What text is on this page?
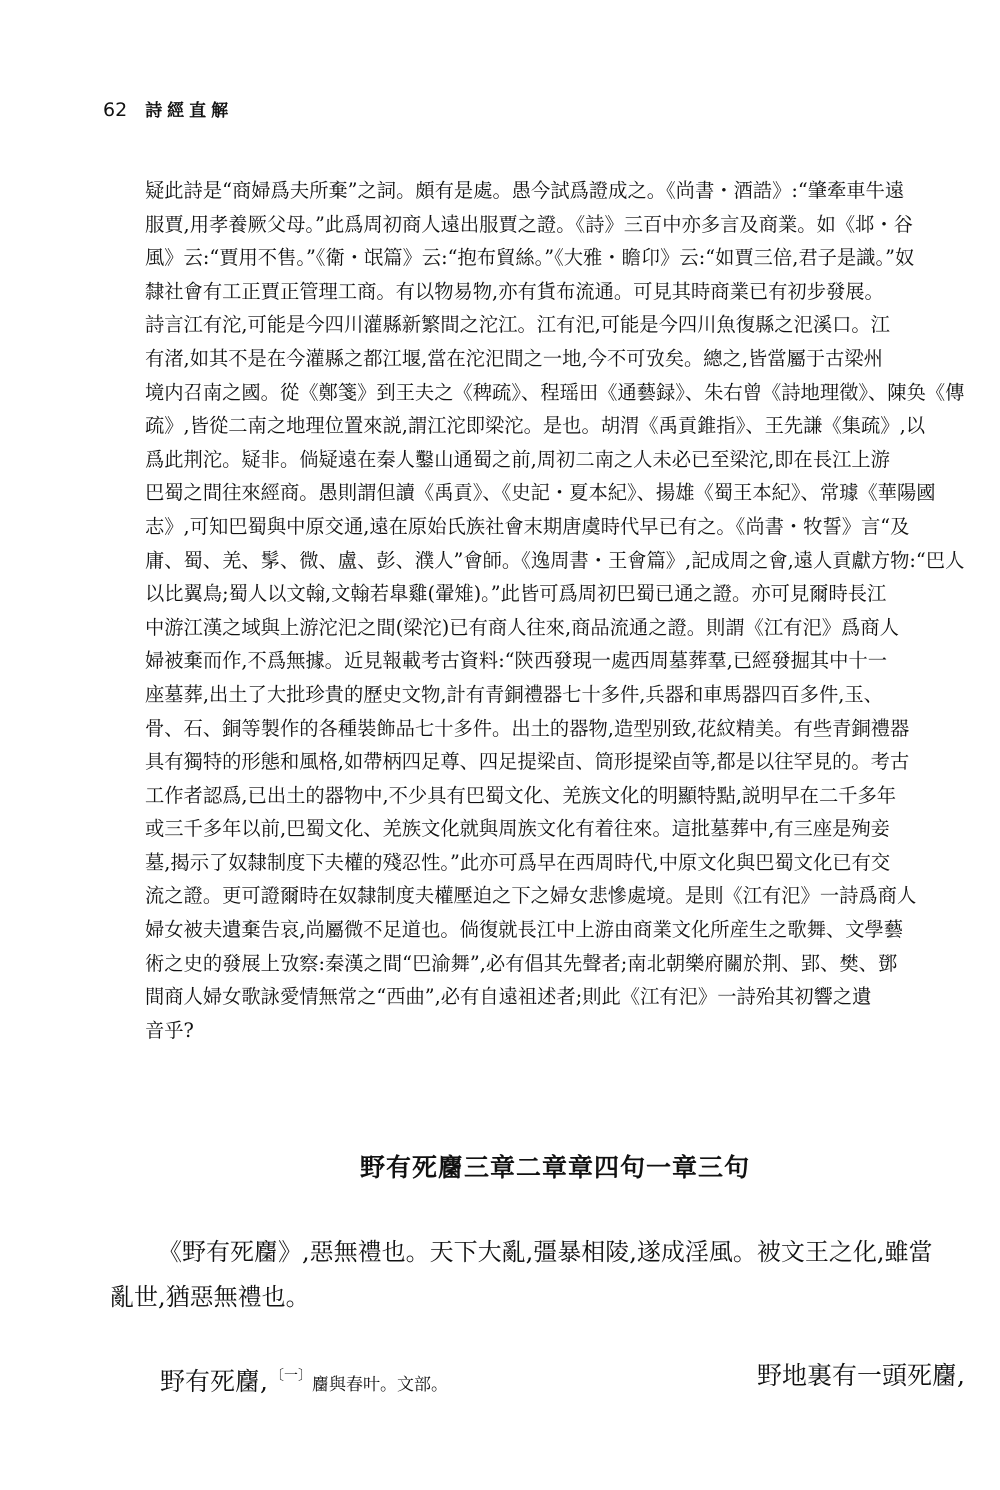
62 詩經直解
疑此詩是“商婦爲夫所棄”之詞。頗有是處。愚今試爲證成之。《尚書・酒誥》:“肇牽車牛遠
服賈,用孝養厥父母。”此爲周初商人遠出服賈之證。《詩》三百中亦多言及商業。如《邶・谷
風》云:“賈用不售。”《衛・氓篇》云:“抱布貿絲。”《大雅・瞻卬》云:“如賈三倍,君子是識。”奴
隸社會有工正賈正管理工商。有以物易物,亦有貨布流通。可見其時商業已有初步發展。
詩言江有沱,可能是今四川灌縣新繁間之沱江。江有汜,可能是今四川魚復縣之汜溪口。江
有渚,如其不是在今灌縣之都江堰,當在沱汜間之一地,今不可攷矣。總之,皆當屬于古梁州
境内召南之國。從《鄭箋》到王夫之《稗疏》、程瑶田《通藝録》、朱右曾《詩地理徵》、陳奂《傳
疏》,皆從二南之地理位置來説,謂江沱即梁沱。是也。胡渭《禹貢錐指》、王先謙《集疏》,以
爲此荆沱。疑非。倘疑遠在秦人鑿山通蜀之前,周初二南之人未必已至梁沱,即在長江上游
巴蜀之間往來經商。愚則謂但讀《禹貢》、《史記・夏本紀》、揚雄《蜀王本紀》、常璩《華陽國
志》,可知巴蜀與中原交通,遠在原始氏族社會末期唐虞時代早已有之。《尚書・牧誓》言“及
庸、蜀、羌、髳、微、盧、彭、濮人”會師。《逸周書・王會篇》,記成周之會,遠人貢獻方物:“巴人
以比翼鳥;蜀人以文翰,文翰若臯雞(翬雉)。”此皆可爲周初巴蜀已通之證。亦可見爾時長江
中游江漢之域與上游沱汜之間(梁沱)已有商人往來,商品流通之證。則謂《江有汜》爲商人
婦被棄而作,不爲無據。近見報載考古資料:“陝西發現一處西周墓葬羣,已經發掘其中十一
座墓葬,出土了大批珍貴的歷史文物,計有青銅禮器七十多件,兵器和車馬器四百多件,玉、
骨、石、銅等製作的各種裝飾品七十多件。出土的器物,造型别致,花紋精美。有些青銅禮器
具有獨特的形態和風格,如帶柄四足尊、四足提梁卣、筒形提梁卣等,都是以往罕見的。考古
工作者認爲,已出土的器物中,不少具有巴蜀文化、羌族文化的明顯特點,説明早在二千多年
或三千多年以前,巴蜀文化、羌族文化就與周族文化有着往來。這批墓葬中,有三座是殉妾
墓,揭示了奴隸制度下夫權的殘忍性。”此亦可爲早在西周時代,中原文化與巴蜀文化已有交
流之證。更可證爾時在奴隸制度夫權壓迫之下之婦女悲慘處境。是則《江有汜》一詩爲商人
婦女被夫遺棄告哀,尚屬微不足道也。倘復就長江中上游由商業文化所産生之歌舞、文學藝
術之史的發展上攷察:秦漢之間“巴渝舞”,必有倡其先聲者;南北朝樂府關於荆、郢、樊、鄧
間商人婦女歌詠愛情無常之“西曲”,必有自遠祖述者;則此《江有汜》一詩殆其初響之遺
音乎?
野有死麕三章二章章四句一章三句
《野有死麕》,惡無禮也。天下大亂,彊暴相陵,遂成淫風。被文王之化,雖當
亂世,猶惡無禮也。
野有死麕, $^{〔一〕}$麕與春叶。文部。	野地裏有一頭死麕,
